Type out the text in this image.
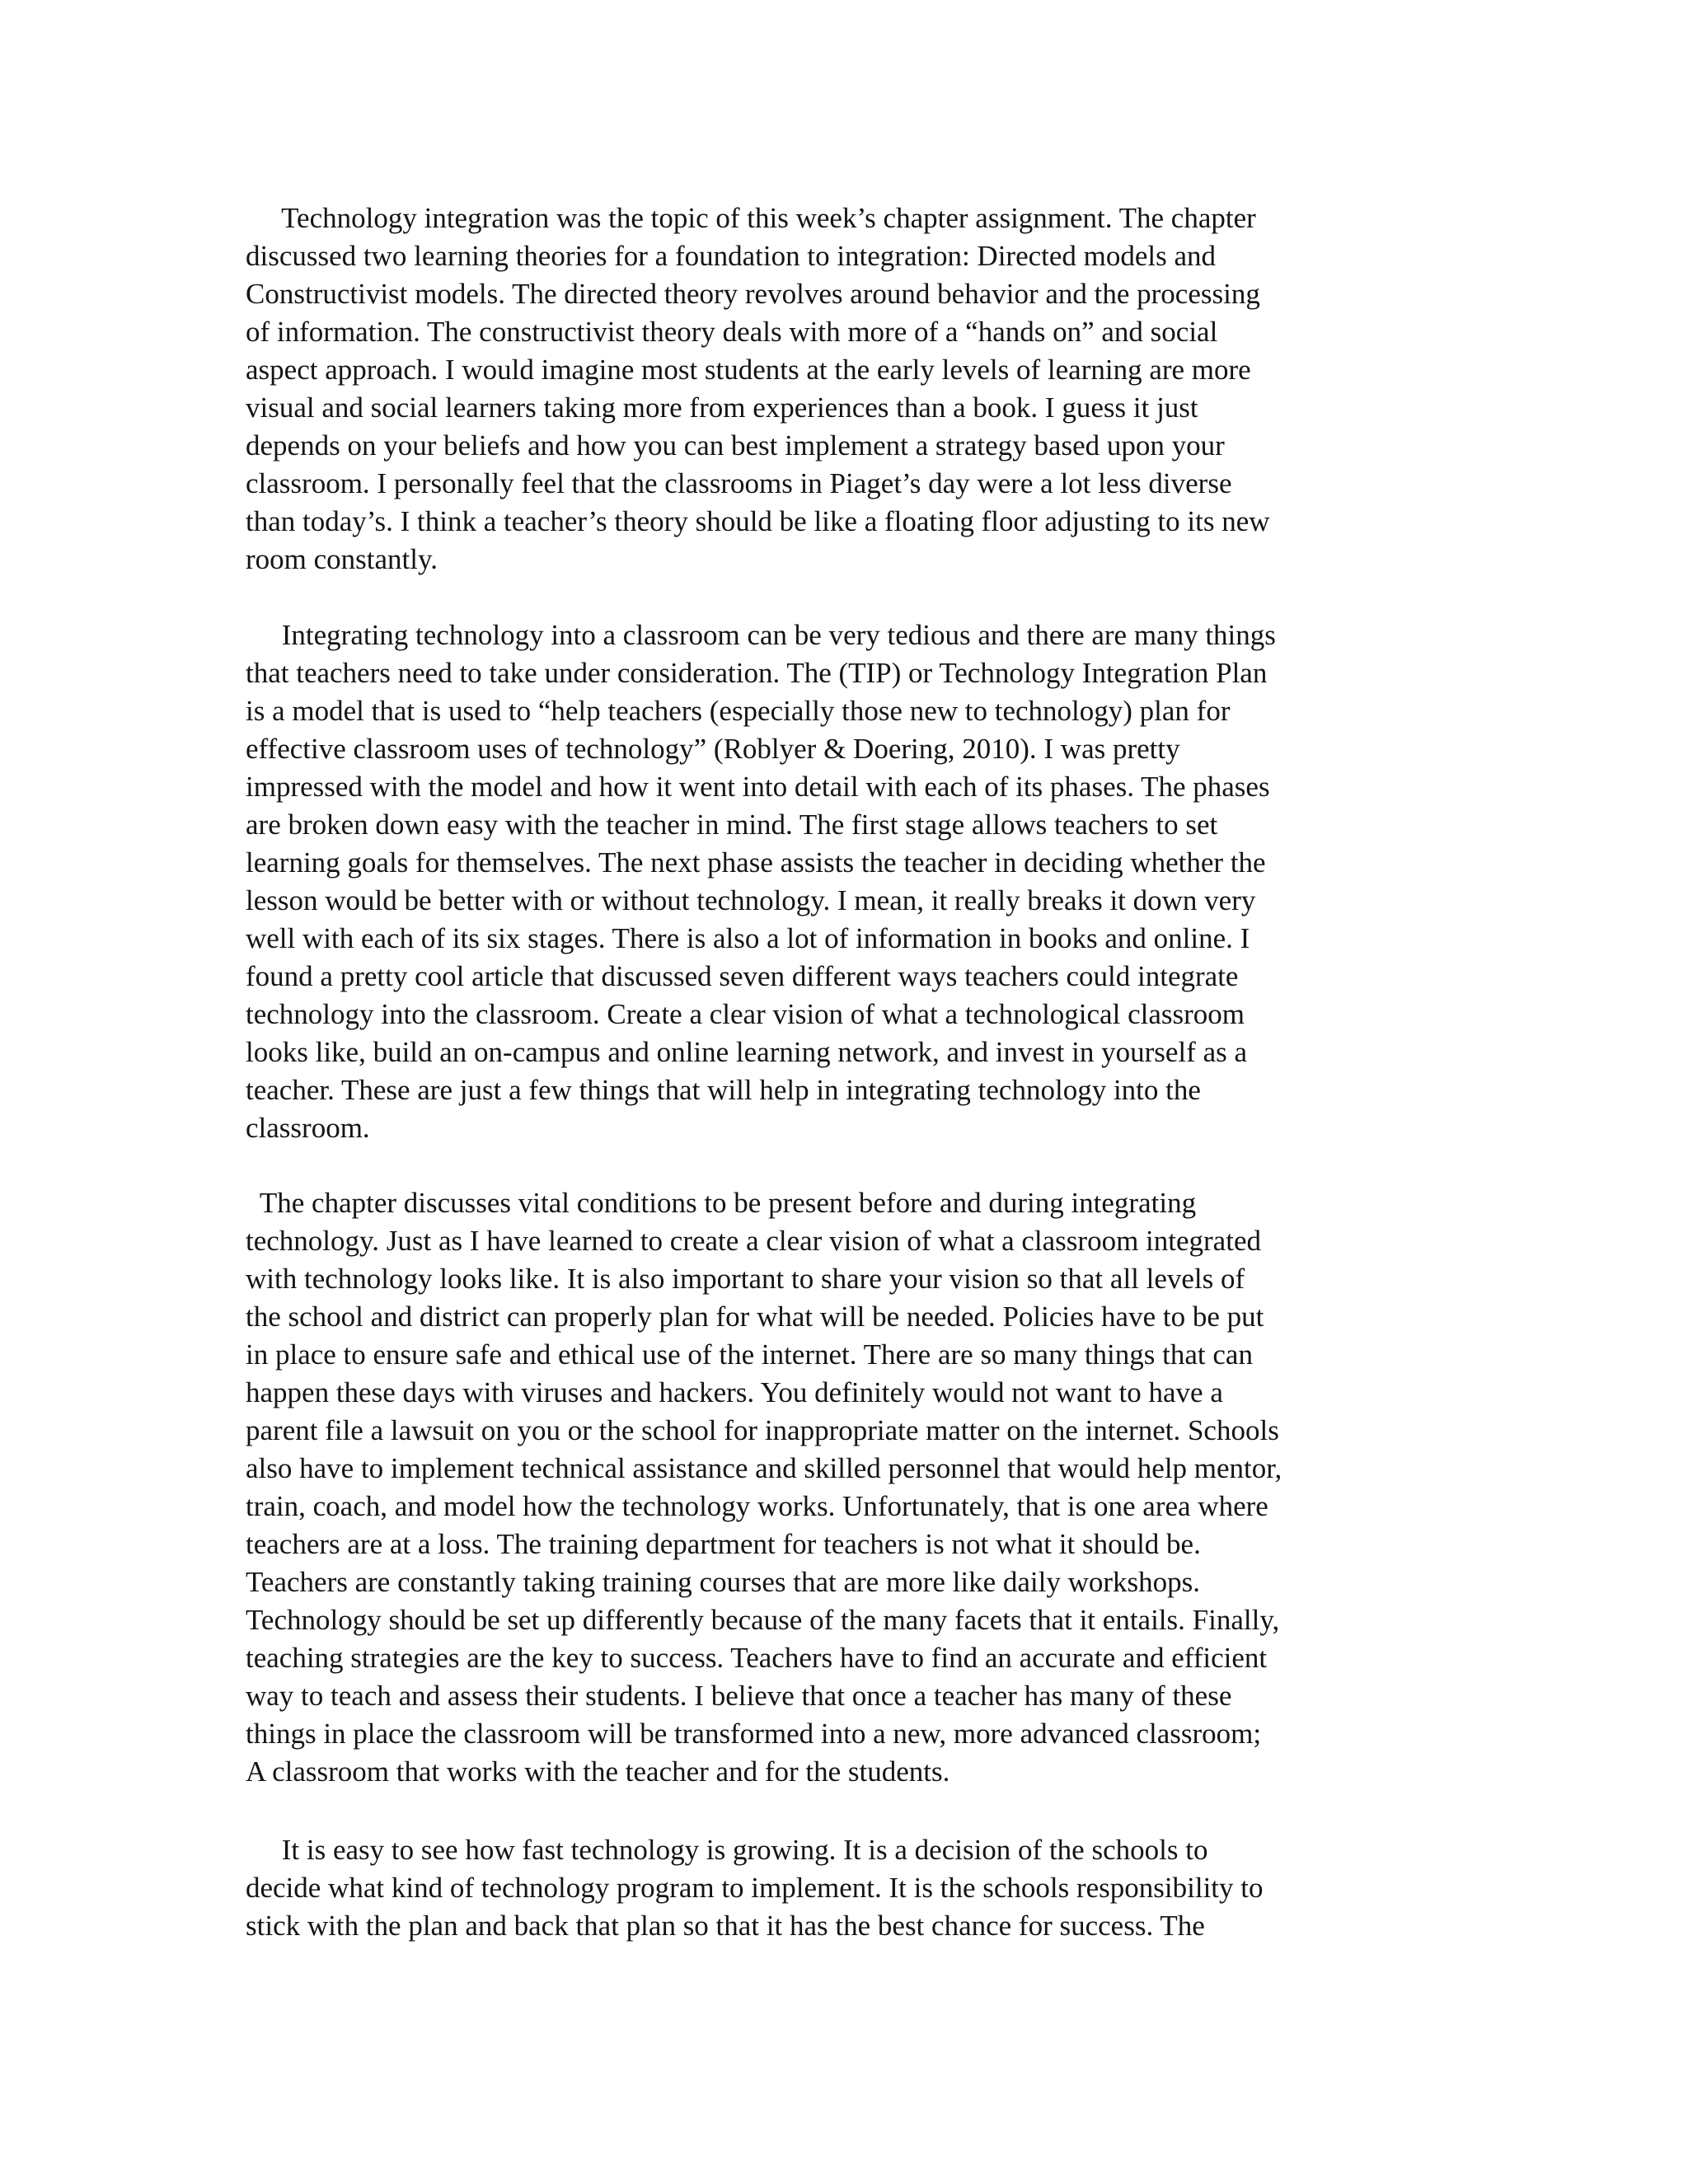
Technology integration was the topic of this week’s chapter assignment. The chapter
discussed two learning theories for a foundation to integration: Directed models and
Constructivist models. The directed theory revolves around behavior and the processing
of information. The constructivist theory deals with more of a “hands on” and social
aspect approach. I would imagine most students at the early levels of learning are more
visual and social learners taking more from experiences than a book. I guess it just
depends on your beliefs and how you can best implement a strategy based upon your
classroom. I personally feel that the classrooms in Piaget’s day were a lot less diverse
than today’s. I think a teacher’s theory should be like a floating floor adjusting to its new
room constantly.

Integrating technology into a classroom can be very tedious and there are many things
that teachers need to take under consideration. The (TIP) or Technology Integration Plan
is a model that is used to “help teachers (especially those new to technology) plan for
effective classroom uses of technology” (Roblyer & Doering, 2010). I was pretty
impressed with the model and how it went into detail with each of its phases. The phases
are broken down easy with the teacher in mind. The first stage allows teachers to set
learning goals for themselves. The next phase assists the teacher in deciding whether the
lesson would be better with or without technology. I mean, it really breaks it down very
well with each of its six stages. There is also a lot of information in books and online. I
found a pretty cool article that discussed seven different ways teachers could integrate
technology into the classroom. Create a clear vision of what a technological classroom
looks like, build an on-campus and online learning network, and invest in yourself as a
teacher. These are just a few things that will help in integrating technology into the
classroom.

The chapter discusses vital conditions to be present before and during integrating
technology. Just as I have learned to create a clear vision of what a classroom integrated
with technology looks like. It is also important to share your vision so that all levels of
the school and district can properly plan for what will be needed. Policies have to be put
in place to ensure safe and ethical use of the internet. There are so many things that can
happen these days with viruses and hackers. You definitely would not want to have a
parent file a lawsuit on you or the school for inappropriate matter on the internet. Schools
also have to implement technical assistance and skilled personnel that would help mentor,
train, coach, and model how the technology works. Unfortunately, that is one area where
teachers are at a loss. The training department for teachers is not what it should be.
Teachers are constantly taking training courses that are more like daily workshops.
Technology should be set up differently because of the many facets that it entails. Finally,
teaching strategies are the key to success. Teachers have to find an accurate and efficient
way to teach and assess their students. I believe that once a teacher has many of these
things in place the classroom will be transformed into a new, more advanced classroom;
A classroom that works with the teacher and for the students.

It is easy to see how fast technology is growing. It is a decision of the schools to
decide what kind of technology program to implement. It is the schools responsibility to
stick with the plan and back that plan so that it has the best chance for success. The
